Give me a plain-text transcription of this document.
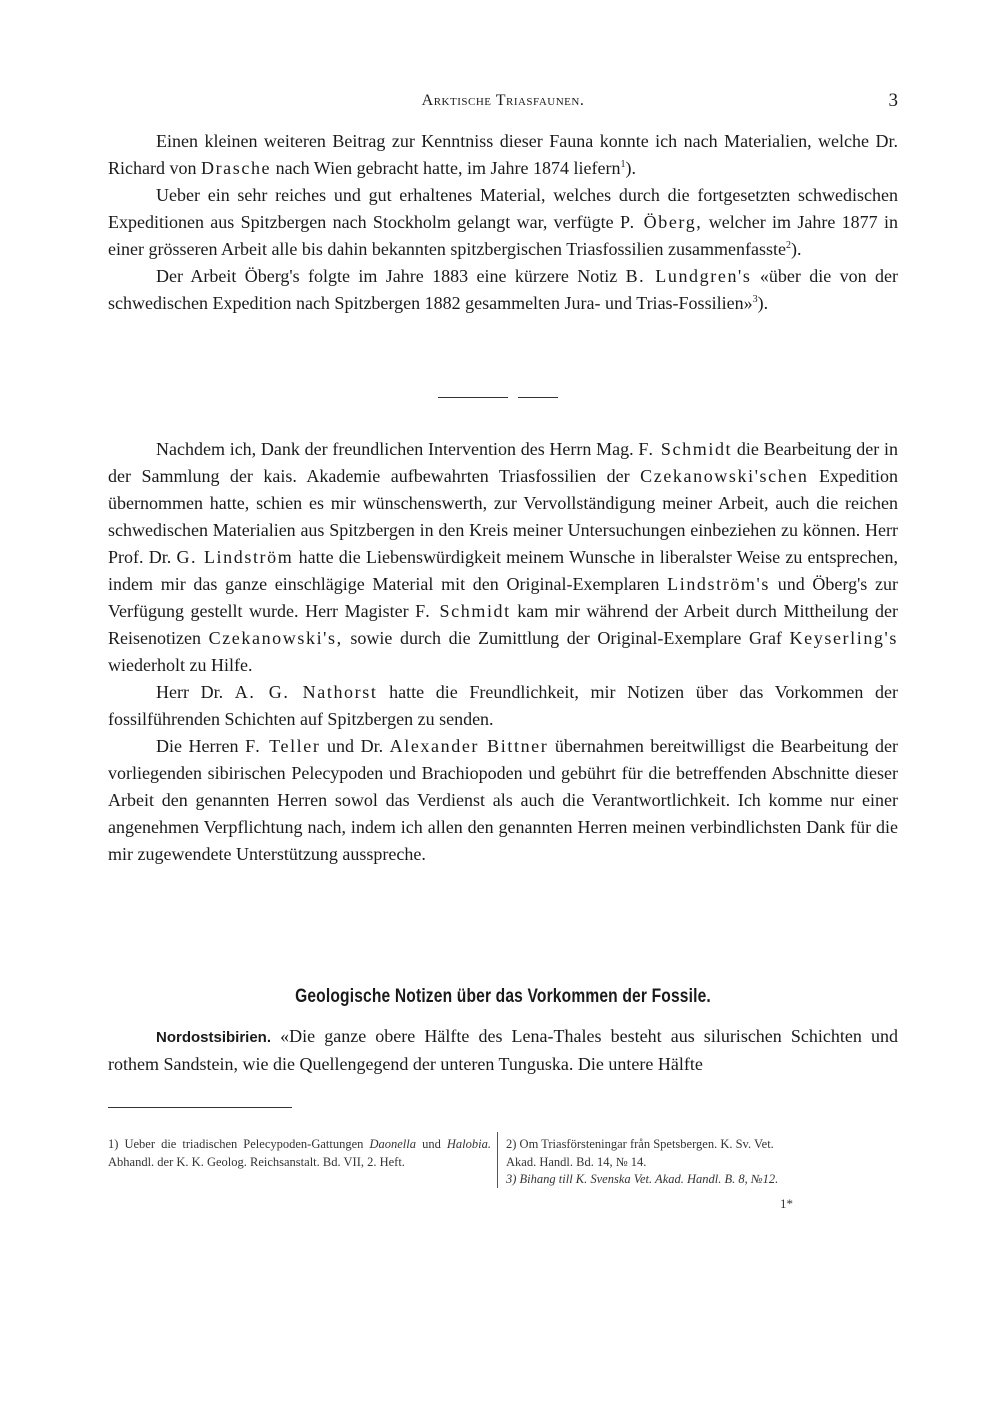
Arktische Triasfaunen.	3

Einen kleinen weiteren Beitrag zur Kenntniss dieser Fauna konnte ich nach Materialien, welche Dr. Richard von Drasche nach Wien gebracht hatte, im Jahre 1874 liefern$^1$).

Ueber ein sehr reiches und gut erhaltenes Material, welches durch die fortgesetzten schwedischen Expeditionen aus Spitzbergen nach Stockholm gelangt war, verfügte P. Öberg, welcher im Jahre 1877 in einer grösseren Arbeit alle bis dahin bekannten spitzbergischen Triasfossilien zusammenfasste$^2$).

Der Arbeit Öberg's folgte im Jahre 1883 eine kürzere Notiz B. Lundgren's «über die von der schwedischen Expedition nach Spitzbergen 1882 gesammelten Jura- und Trias-Fossilien»$^3$).

Nachdem ich, Dank der freundlichen Intervention des Herrn Mag. F. Schmidt die Bearbeitung der in der Sammlung der kais. Akademie aufbewahrten Triasfossilien der Czekanowski'schen Expedition übernommen hatte, schien es mir wünschenswerth, zur Vervollständigung meiner Arbeit, auch die reichen schwedischen Materialien aus Spitzbergen in den Kreis meiner Untersuchungen einbeziehen zu können. Herr Prof. Dr. G. Lindström hatte die Liebenswürdigkeit meinem Wunsche in liberalster Weise zu entsprechen, indem mir das ganze einschlägige Material mit den Original-Exemplaren Lindström's und Öberg's zur Verfügung gestellt wurde. Herr Magister F. Schmidt kam mir während der Arbeit durch Mittheilung der Reisenotizen Czekanowski's, sowie durch die Zumittlung der Original-Exemplare Graf Keyserling's wiederholt zu Hilfe.

Herr Dr. A. G. Nathorst hatte die Freundlichkeit, mir Notizen über das Vorkommen der fossilführenden Schichten auf Spitzbergen zu senden.

Die Herren F. Teller und Dr. Alexander Bittner übernahmen bereitwilligst die Bearbeitung der vorliegenden sibirischen Pelecypoden und Brachiopoden und gebührt für die betreffenden Abschnitte dieser Arbeit den genannten Herren sowol das Verdienst als auch die Verantwortlichkeit. Ich komme nur einer angenehmen Verpflichtung nach, indem ich allen den genannten Herren meinen verbindlichsten Dank für die mir zugewendete Unterstützung ausspreche.

Geologische Notizen über das Vorkommen der Fossile.

Nordostsibirien. «Die ganze obere Hälfte des Lena-Thales besteht aus silurischen Schichten und rothem Sandstein, wie die Quellengegend der unteren Tunguska. Die untere Hälfte

1) Ueber die triadischen Pelecypoden-Gattungen Daonella und Halobia. Abhandl. der K. K. Geolog. Reichsanstalt. Bd. VII, 2. Heft.
2) Om Triasförsteningar från Spetsbergen. K. Sv. Vet.
Akad. Handl. Bd. 14, № 14.
3) Bihang till K. Svenska Vet. Akad. Handl. B. 8, №12.
1*
